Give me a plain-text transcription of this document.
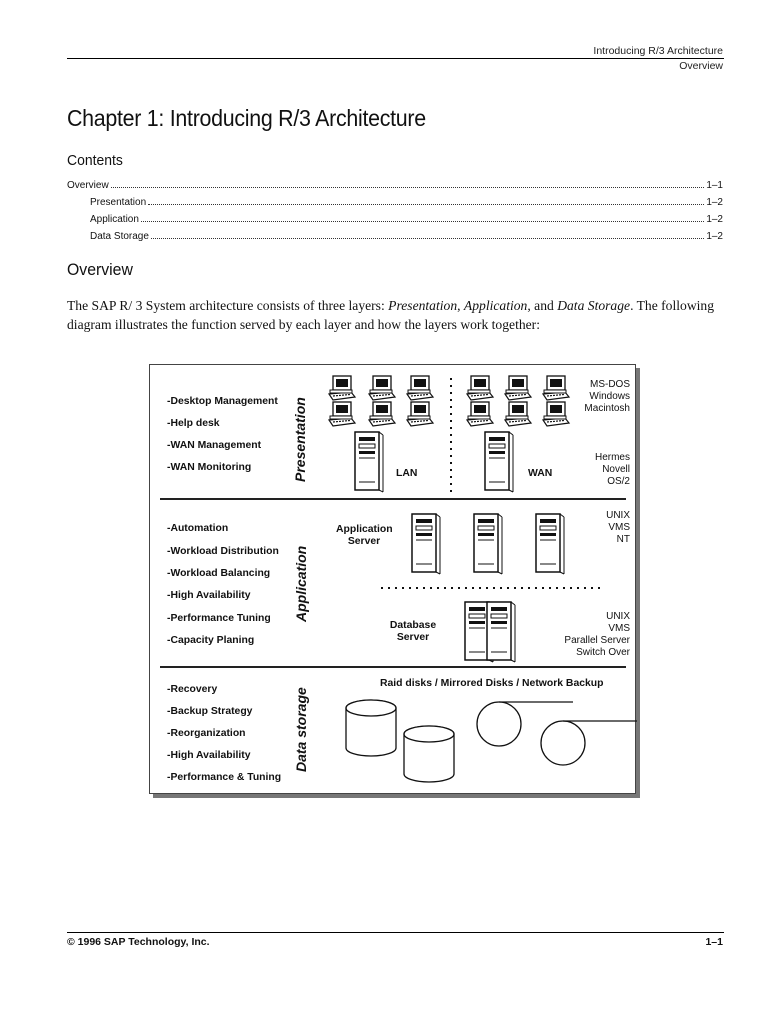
Introducing R/3 Architecture
Overview
Chapter 1: Introducing R/3 Architecture
Contents
Overview	1–1
Presentation	1–2
Application	1–2
Data Storage	1–2
Overview
The SAP R/ 3 System architecture consists of three layers: Presentation, Application, and Data Storage. The following diagram illustrates the function served by each layer and how the layers work together:
-Desktop Management
-Help desk
-WAN Management
-WAN Monitoring	Presentation	LAN	WAN
MS-DOS
Windows
Macintosh
Hermes
Novell
OS/2
-Automation
-Workload Distribution
-Workload Balancing
-High Availability
-Performance Tuning
-Capacity Planing
Application
Application
Server
Database
Server
UNIX
VMS
NT
UNIX
VMS
Parallel Server
Switch Over
-Recovery
-Backup Strategy
-Reorganization
-High Availability
-Performance & Tuning
Data storage
Raid disks / Mirrored Disks / Network Backup
© 1996 SAP Technology, Inc.	1–1
